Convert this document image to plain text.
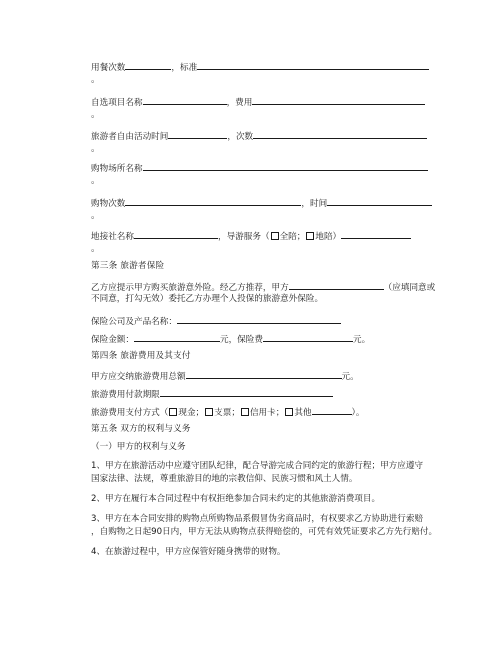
用餐次数	，标准
。
自选项目名称	，费用
。
旅游者自由活动时间	，次数
。
购物场所名称
。
购物次数	，时间
。
地接社名称	，导游服务（ 全陪； 地陪）
。
第三条 旅游者保险
乙方应提示甲方购买旅游意外险。经乙方推荐，甲方	（应填同意或
不同意，打勾无效）委托乙方办理个人投保的旅游意外保险。
保险公司及产品名称：
保险金额：	元，保险费	元。
第四条 旅游费用及其支付
甲方应交纳旅游费用总额	元。
旅游费用付款期限
旅游费用支付方式（ 现金； 支票； 信用卡； 其他	）。
第五条 双方的权利与义务
（一）甲方的权利与义务
1、甲方在旅游活动中应遵守团队纪律，配合导游完成合同约定的旅游行程；甲方应遵守
国家法律、法规，尊重旅游目的地的宗教信仰、民族习惯和风土人情。
2、甲方在履行本合同过程中有权拒绝参加合同未约定的其他旅游消费项目。
3、甲方在本合同安排的购物点所购物品系假冒伪劣商品时，有权要求乙方协助进行索赔
，自购物之日起90日内，甲方无法从购物点获得赔偿的，可凭有效凭证要求乙方先行赔付。
4、在旅游过程中，甲方应保管好随身携带的财物。
